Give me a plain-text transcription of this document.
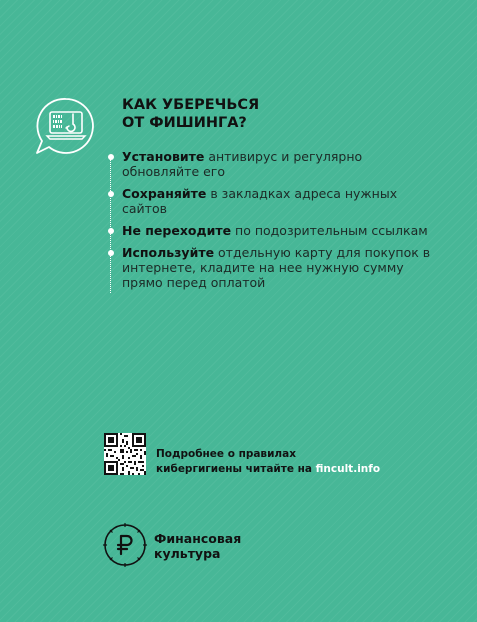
КАК УБЕРЕЧЬСЯ
ОТ ФИШИНГА?
Установите антивирус и регулярно обновляйте его
Сохраняйте в закладках адреса нужных сайтов
Не переходите по подозрительным ссылкам
Используйте отдельную карту для покупок в интернете, кладите на нее нужную сумму прямо перед оплатой
Подробнее о правилах
кибергигиены читайте на fincult.info
Финансовая
культура
